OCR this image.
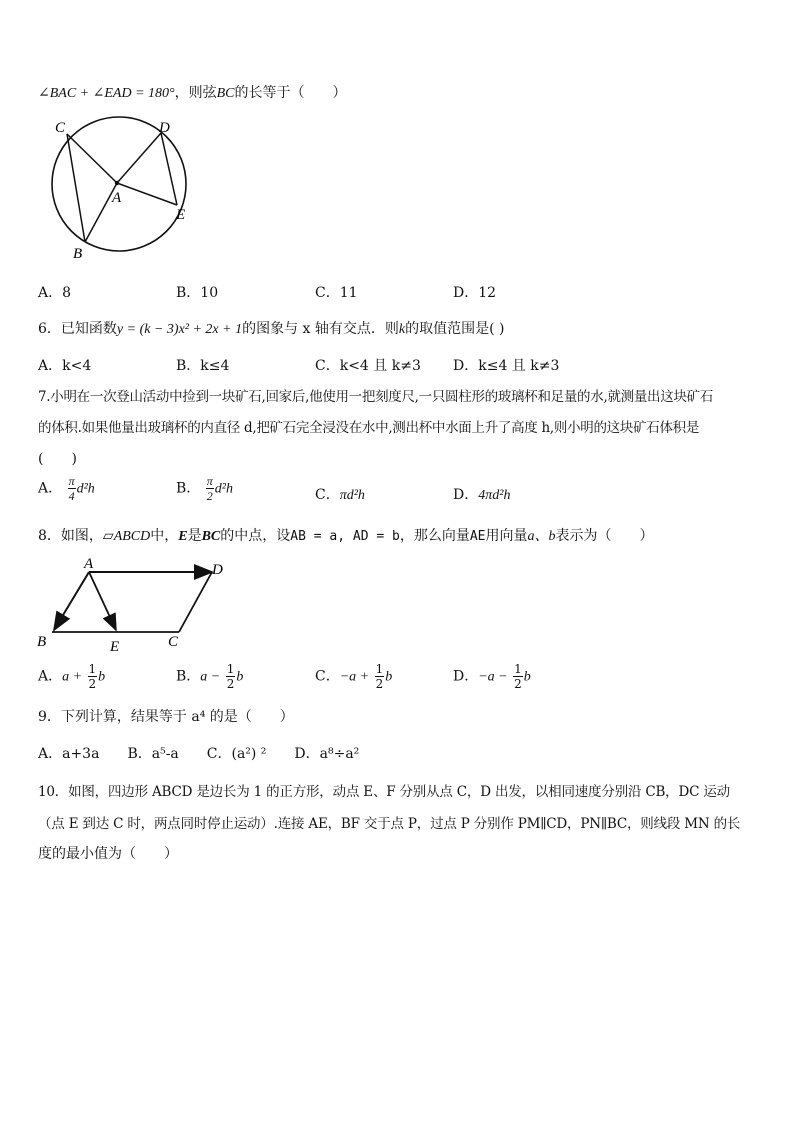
∠BAC + ∠EAD = 180°，则弦BC的长等于（　　）
C	D
A
E
B
A．8	B．10	C．11	D．12
6．已知函数y = (k − 3)x² + 2x + 1的图象与 x 轴有交点．则k的取值范围是( )
A．k<4	B．k≤4	C．k<4 且 k≠3 D．k≤4 且 k≠3
7.小明在一次登山活动中捡到一块矿石,回家后,他使用一把刻度尺,一只圆柱形的玻璃杯和足量的水,就测量出这块矿石
的体积.如果他量出玻璃杯的内直径 d,把矿石完全浸没在水中,测出杯中水面上升了高度 h,则小明的这块矿石体积是
(　　)
A． $\frac{\pi}{4} d^2h$	B． $\frac{\pi}{2} d^2h$	C．πd²h	D．4πd²h
8．如图，▱ABCD中，E是BC的中点，设AB = a, AD = b，那么向量AE用向量a、b表示为（　　）
A	D
B	E	C
A．$a + \frac{1}{2}$ b	B．$a - \frac{1}{2}$ b	C．$-a + \frac{1}{2}$ b	D．$-a - \frac{1}{2}$ b
9．下列计算，结果等于 a⁴ 的是（　　）
A．a+3a　　B．a⁵-a　　C．(a²) ²　　D．a⁸÷a²
10．如图，四边形 ABCD 是边长为 1 的正方形，动点 E、F 分别从点 C，D 出发，以相同速度分别沿 CB，DC 运动
（点 E 到达 C 时，两点同时停止运动）.连接 AE，BF 交于点 P，过点 P 分别作 PM∥CD，PN∥BC，则线段 MN 的长
度的最小值为（　　）
